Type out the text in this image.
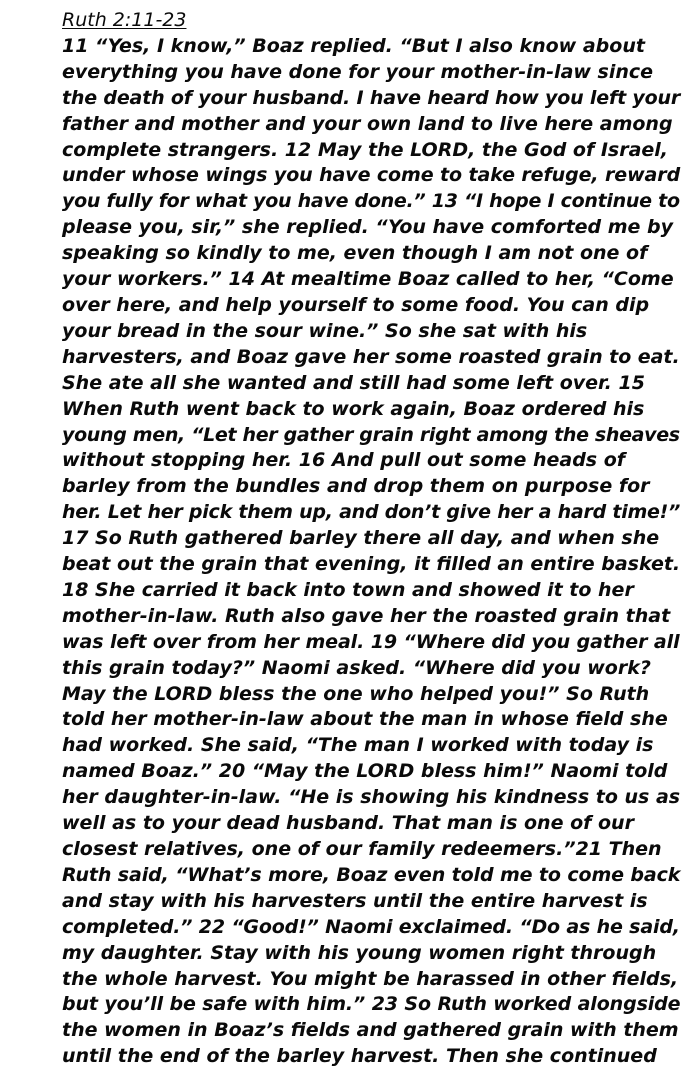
Ruth 2:11-23
11 “Yes, I know,” Boaz replied. “But I also know about
everything you have done for your mother-in-law since
the death of your husband. I have heard how you left your
father and mother and your own land to live here among
complete strangers. 12 May the LORD, the God of Israel,
under whose wings you have come to take refuge, reward
you fully for what you have done.” 13 “I hope I continue to
please you, sir,” she replied. “You have comforted me by
speaking so kindly to me, even though I am not one of
your workers.” 14 At mealtime Boaz called to her, “Come
over here, and help yourself to some food. You can dip
your bread in the sour wine.” So she sat with his
harvesters, and Boaz gave her some roasted grain to eat.
She ate all she wanted and still had some left over. 15
When Ruth went back to work again, Boaz ordered his
young men, “Let her gather grain right among the sheaves
without stopping her. 16 And pull out some heads of
barley from the bundles and drop them on purpose for
her. Let her pick them up, and don’t give her a hard time!”
17 So Ruth gathered barley there all day, and when she
beat out the grain that evening, it filled an entire basket.
18 She carried it back into town and showed it to her
mother-in-law. Ruth also gave her the roasted grain that
was left over from her meal. 19 “Where did you gather all
this grain today?” Naomi asked. “Where did you work?
May the LORD bless the one who helped you!” So Ruth
told her mother-in-law about the man in whose field she
had worked. She said, “The man I worked with today is
named Boaz.” 20 “May the LORD bless him!” Naomi told
her daughter-in-law. “He is showing his kindness to us as
well as to your dead husband. That man is one of our
closest relatives, one of our family redeemers.”21 Then
Ruth said, “What’s more, Boaz even told me to come back
and stay with his harvesters until the entire harvest is
completed.” 22 “Good!” Naomi exclaimed. “Do as he said,
my daughter. Stay with his young women right through
the whole harvest. You might be harassed in other fields,
but you’ll be safe with him.” 23 So Ruth worked alongside
the women in Boaz’s fields and gathered grain with them
until the end of the barley harvest. Then she continued
